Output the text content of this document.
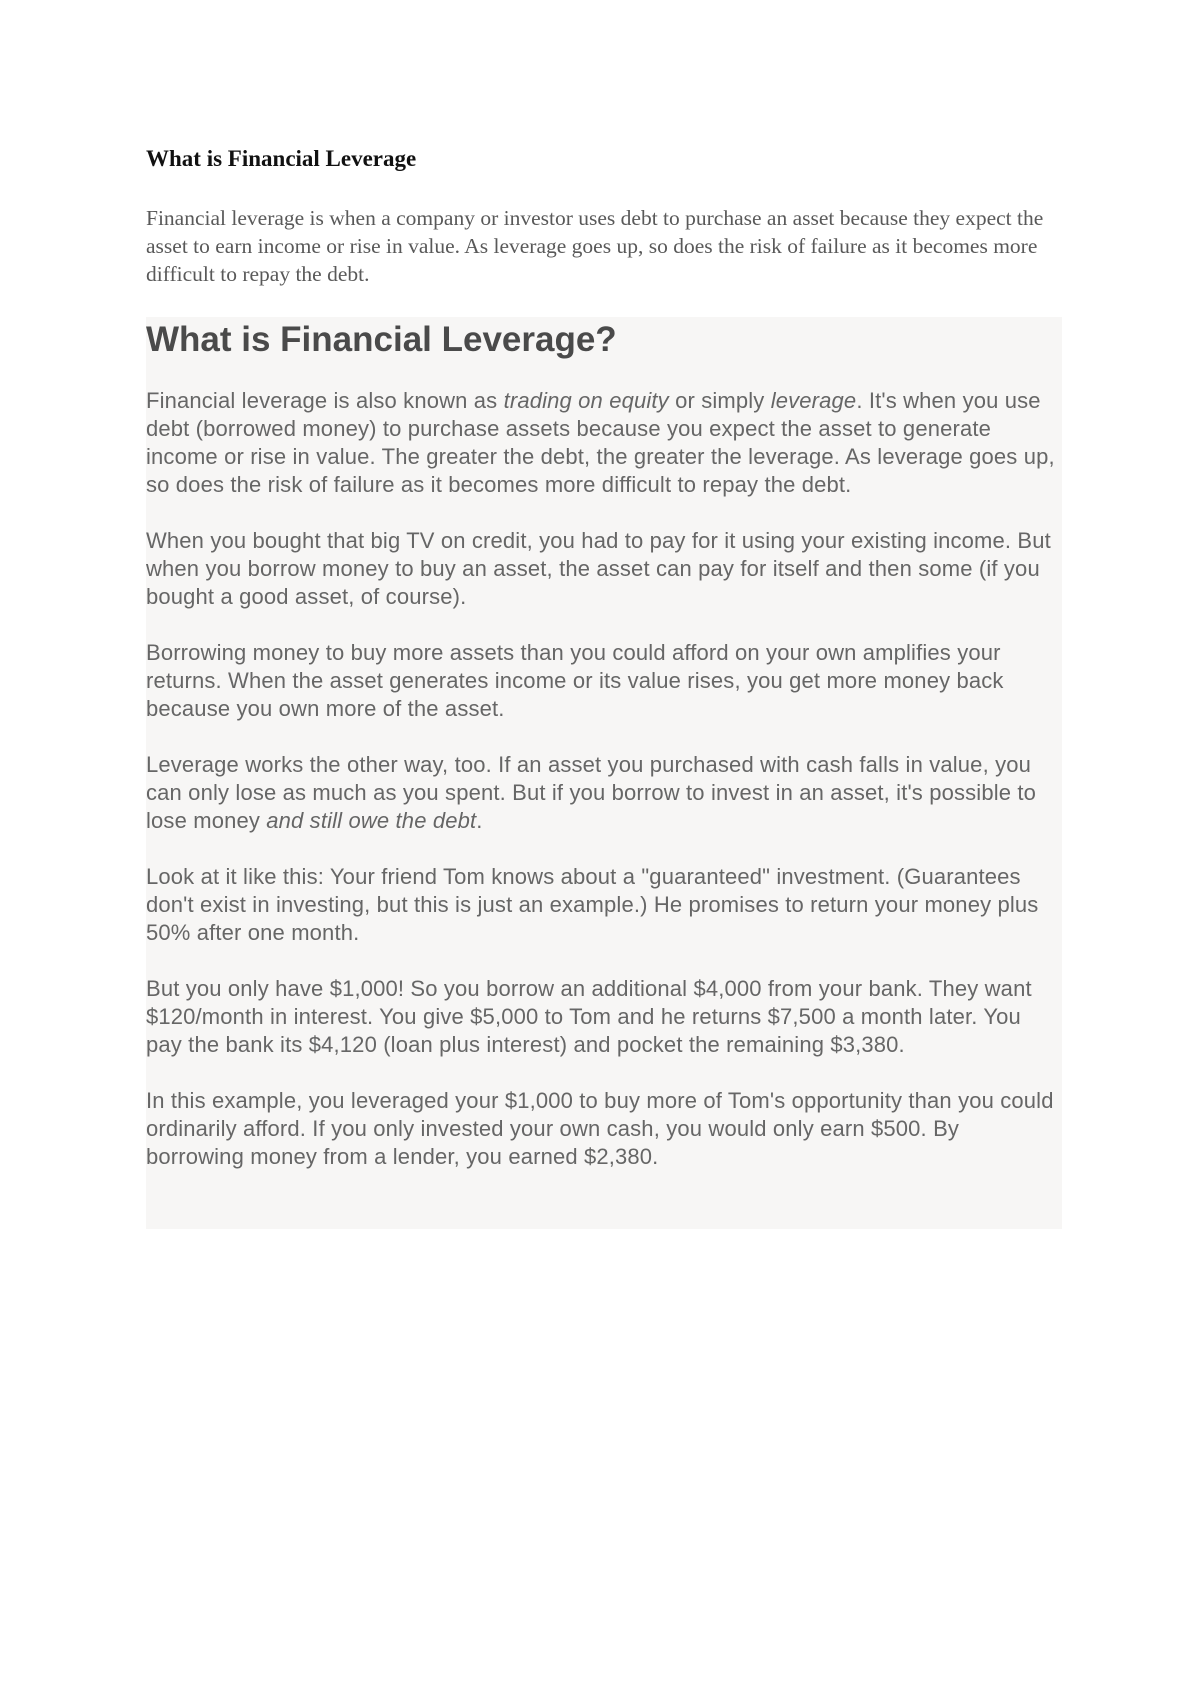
What is Financial Leverage

Financial leverage is when a company or investor uses debt to purchase an asset because they expect the asset to earn income or rise in value. As leverage goes up, so does the risk of failure as it becomes more difficult to repay the debt.

What is Financial Leverage?

Financial leverage is also known as trading on equity or simply leverage. It's when you use debt (borrowed money) to purchase assets because you expect the asset to generate income or rise in value. The greater the debt, the greater the leverage. As leverage goes up, so does the risk of failure as it becomes more difficult to repay the debt.

When you bought that big TV on credit, you had to pay for it using your existing income. But when you borrow money to buy an asset, the asset can pay for itself and then some (if you bought a good asset, of course).

Borrowing money to buy more assets than you could afford on your own amplifies your returns. When the asset generates income or its value rises, you get more money back because you own more of the asset.

Leverage works the other way, too. If an asset you purchased with cash falls in value, you can only lose as much as you spent. But if you borrow to invest in an asset, it's possible to lose money and still owe the debt.

Look at it like this: Your friend Tom knows about a "guaranteed" investment. (Guarantees don't exist in investing, but this is just an example.) He promises to return your money plus 50% after one month.

But you only have $1,000! So you borrow an additional $4,000 from your bank. They want $120/month in interest. You give $5,000 to Tom and he returns $7,500 a month later. You pay the bank its $4,120 (loan plus interest) and pocket the remaining $3,380.

In this example, you leveraged your $1,000 to buy more of Tom's opportunity than you could ordinarily afford. If you only invested your own cash, you would only earn $500. By borrowing money from a lender, you earned $2,380.
